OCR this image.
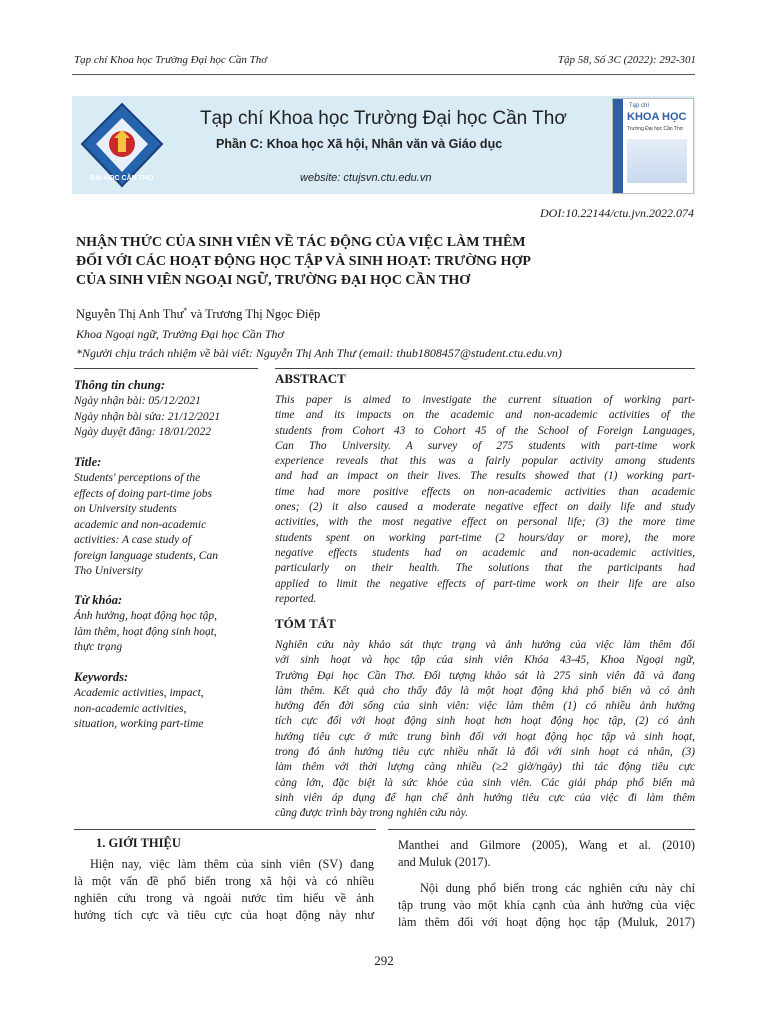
Tạp chí Khoa học Trường Đại học Cần Thơ	Tập 58, Số 3C (2022): 292-301
ĐẠI HỌC CẦN THƠ
Tạp chí Khoa học Trường Đại học Cần Thơ
Phần C: Khoa học Xã hội, Nhân văn và Giáo dục
website: ctujsvn.ctu.edu.vn
Tạp chí
KHOA HỌC
Trường Đại học Cần Thơ
DOI:10.22144/ctu.jvn.2022.074
NHẬN THỨC CỦA SINH VIÊN VỀ TÁC ĐỘNG CỦA VIỆC LÀM THÊM
ĐỐI VỚI CÁC HOẠT ĐỘNG HỌC TẬP VÀ SINH HOẠT: TRƯỜNG HỢP
CỦA SINH VIÊN NGOẠI NGỮ, TRƯỜNG ĐẠI HỌC CẦN THƠ
Nguyễn Thị Anh Thư* và Trương Thị Ngọc Điệp
Khoa Ngoại ngữ, Trường Đại học Cần Thơ
*Người chịu trách nhiệm về bài viết: Nguyễn Thị Anh Thư (email: thub1808457@student.ctu.edu.vn)
Thông tin chung:
Ngày nhận bài: 05/12/2021
Ngày nhận bài sửa: 21/12/2021
Ngày duyệt đăng: 18/01/2022
Title:
Students' perceptions of the
effects of doing part-time jobs
on University students
academic and non-academic
activities: A case study of
foreign language students, Can
Tho University
Từ khóa:
Ảnh hưởng, hoạt động học tập,
làm thêm, hoạt động sinh hoạt,
thực trạng
Keywords:
Academic activities, impact,
non-academic activities,
situation, working part-time
ABSTRACT
This paper is aimed to investigate the current situation of working part-
time and its impacts on the academic and non-academic activities of the
students from Cohort 43 to Cohort 45 of the School of Foreign Languages,
Can Tho University. A survey of 275 students with part-time work
experience reveals that this was a fairly popular activity among students
and had an impact on their lives. The results showed that (1) working part-
time had more positive effects on non-academic activities than academic
ones; (2) it also caused a moderate negative effect on daily life and study
activities, with the most negative effect on personal life; (3) the more time
students spent on working part-time (2 hours/day or more), the more
negative effects students had on academic and non-academic activities,
particularly on their health. The solutions that the participants had
applied to limit the negative effects of part-time work on their life are also
reported.
TÓM TẮT
Nghiên cứu này khảo sát thực trạng và ảnh hưởng của việc làm thêm đối
với sinh hoạt và học tập của sinh viên Khóa 43-45, Khoa Ngoại ngữ,
Trường Đại học Cần Thơ. Đối tượng khảo sát là 275 sinh viên đã và đang
làm thêm. Kết quả cho thấy đây là một hoạt động khá phổ biến và có ảnh
hưởng đến đời sống của sinh viên: việc làm thêm (1) có nhiều ảnh hưởng
tích cực đối với hoạt động sinh hoạt hơn hoạt động học tập, (2) có ảnh
hưởng tiêu cực ở mức trung bình đối với hoạt động học tập và sinh hoạt,
trong đó ảnh hưởng tiêu cực nhiều nhất là đối với sinh hoạt cá nhân, (3)
làm thêm với thời lượng càng nhiều (≥2 giờ/ngày) thì tác động tiêu cực
càng lớn, đặc biệt là sức khỏe của sinh viên. Các giải pháp phổ biến mà
sinh viên áp dụng để hạn chế ảnh hưởng tiêu cực của việc đi làm thêm
cũng được trình bày trong nghiên cứu này.
1. GIỚI THIỆU
Hiện nay, việc làm thêm của sinh viên (SV) đang
là một vấn đề phổ biến trong xã hội và có nhiều
nghiên cứu trong và ngoài nước tìm hiểu về ảnh
hưởng tích cực và tiêu cực của hoạt động này như
Manthei and Gilmore (2005), Wang et al. (2010)
and Muluk (2017).
Nội dung phổ biến trong các nghiên cứu này chỉ
tập trung vào một khía cạnh của ảnh hưởng của việc
làm thêm đối với hoạt động học tập (Muluk, 2017)
292
